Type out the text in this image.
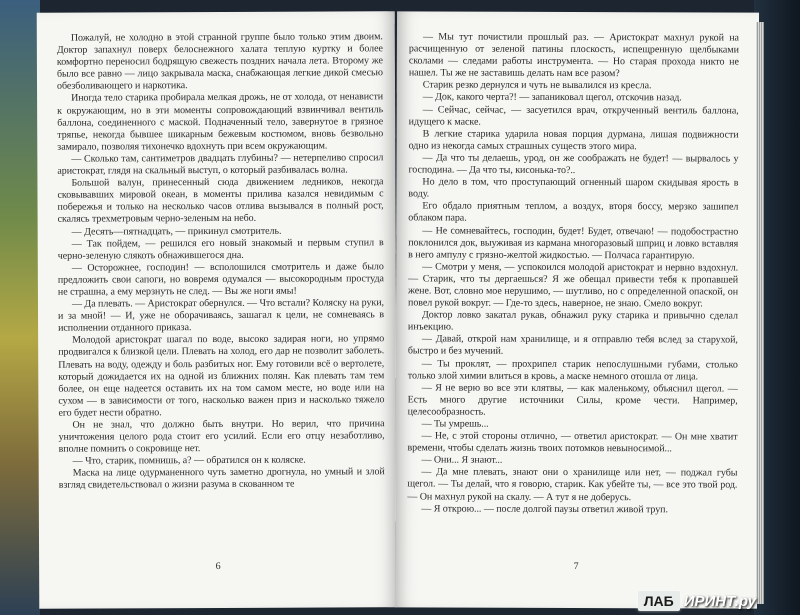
Пожалуй, не холодно в этой странной группе было только этим двоим. Доктор запахнул поверх белоснежного халата теплую куртку и более комфортно переносил бодрящую свежесть поздних начала лета. Второму же было все равно — лицо закрывала маска, снабжающая легкие дикой смесью обезболивающего и наркотика.

Иногда тело старика пробирала мелкая дрожь, не от холода, от ненависти к окружающим, но в эти моменты сопровождающий взвинчивал вентиль баллона, соединенного с маской. Подначенный тело, завернутое в грязное тряпье, некогда бывшее шикарным бежевым костюмом, вновь безвольно замирало, позволяя тихонечко вдохнуть при всем окружающим.

— Сколько там, сантиметров двадцать глубины? — нетерпеливо спросил аристократ, глядя на скальный выступ, о который разбивалась волна.

Большой валун, принесенный сюда движением ледников, некогда сковывавших мировой океан, в моменты прилива казался невидимым с побережья и только на несколько часов отлива вызывался в полный рост, скалясь трехметровым черно-зеленым на небо.

— Десять—пятнадцать, — прикинул смотритель.

— Так пойдем, — решился его новый знакомый и первым ступил в черно-зеленую слякоть обнажившегося дна.

— Осторожнее, господин! — всполошился смотритель и даже было предложить свои сапоги, но вовремя одумался — высокородным простуда не страшна, а ему мерзнуть не след. — Вы же ноги ямы!

— Да плевать. — Аристократ обернулся. — Что встали? Коляску на руки, и за мной! — И, уже не оборачиваясь, зашагал к цели, не сомневаясь в исполнении отданного приказа.

Молодой аристократ шагал по воде, высоко задирая ноги, но упрямо продвигался к близкой цели. Плевать на холод, его дар не позволит заболеть. Плевать на воду, одежду и боль разбитых ног. Ему готовили всё о вертолете, который дожидается их на одной из ближних полян. Как плевать там тем более, он еще надеется оставить их на том самом месте, но воде или на сухом — в зависимости от того, насколько важен приз и насколько тяжело его будет нести обратно.

Он не знал, что должно быть внутри. Но верил, что причина уничтожения целого рода стоит его усилий. Если его отцу незаботливо, вполне помнить о сокровище нет.

— Что, старик, помнишь, а? — обратился он к коляске.

Маска на лице одурманенного чуть заметно дрогнула, но умный и злой взгляд свидетельствовал о жизни разума в скованном те

6

— Мы тут почистили прошлый раз. — Аристократ махнул рукой на расчищенную от зеленой патины плоскость, испещренную щелбыками сколами — следами работы инструмента. — Но старая прохода никто не нашел. Ты же не заставишь делать нам все разом?

Старик резко дернулся и чуть не вывалился из кресла.

— Док, какого черта?! — запаниковал щегол, отскочив назад.

— Сейчас, сейчас, — засуетился врач, открученный вентиль баллона, идущего к маске.

В легкие старика ударила новая порция дурмана, лишая подвижности одно из некогда самых страшных существ этого мира.

— Да что ты делаешь, урод, он же соображать не будет! — вырвалось у господина. — Да что ты, кисонька-то?..

Но дело в том, что проступающий огненный шаром скидывая ярость в воду.

Его обдало приятным теплом, а воздух, вторя боссу, мерзко зашипел облаком пара.

— Не сомневайтесь, господин, будет! Будет, отвечаю! — подобострастно поклонился док, выуживая из кармана многоразовый шприц и ловко вставляя в него ампулу с грязно-желтой жидкостью. — Полчаса гарантирую.

— Смотри у меня, — успокоился молодой аристократ и нервно вздохнул. — Старик, что ты дергаешься? Я же обещал привести тебя к пропавшей жене. Вот, словно мое нерушимо, — шутливо, но с определенной опаской, он повел рукой вокруг. — Где-то здесь, наверное, не знаю. Смело вокруг.

Доктор ловко закатал рукав, обнажил руку старика и привычно сделал инъекцию.

— Давай, открой нам хранилище, и я отправлю тебя вслед за старухой, быстро и без мучений.

— Ты проклят, — прохрипел старик непослушными губами, столько только злой химии влиться в кровь, а маске немного отошла от лица.

— Я не верю во все эти клятвы, — как маленькому, объяснил щегол. — Есть много другие источники Силы, кроме чести. Например, целесообразность.

— Ты умрешь...

— Не, с этой стороны отлично, — ответил аристократ. — Он мне хватит времени, чтобы сделать жизнь твоих потомков невыносимой...

— Они... Я знают...

— Да мне плевать, знают они о хранилище или нет, — поджал губы щегол. — Ты делай, что я говорю, старик. Как убейте ты, — все это твой род. — Он махнул рукой на скалу. — А тут я не доберусь.

— Я открою... — после долгой паузы ответил живой труп.

7
ЛАБ ИРИНТ.ру
